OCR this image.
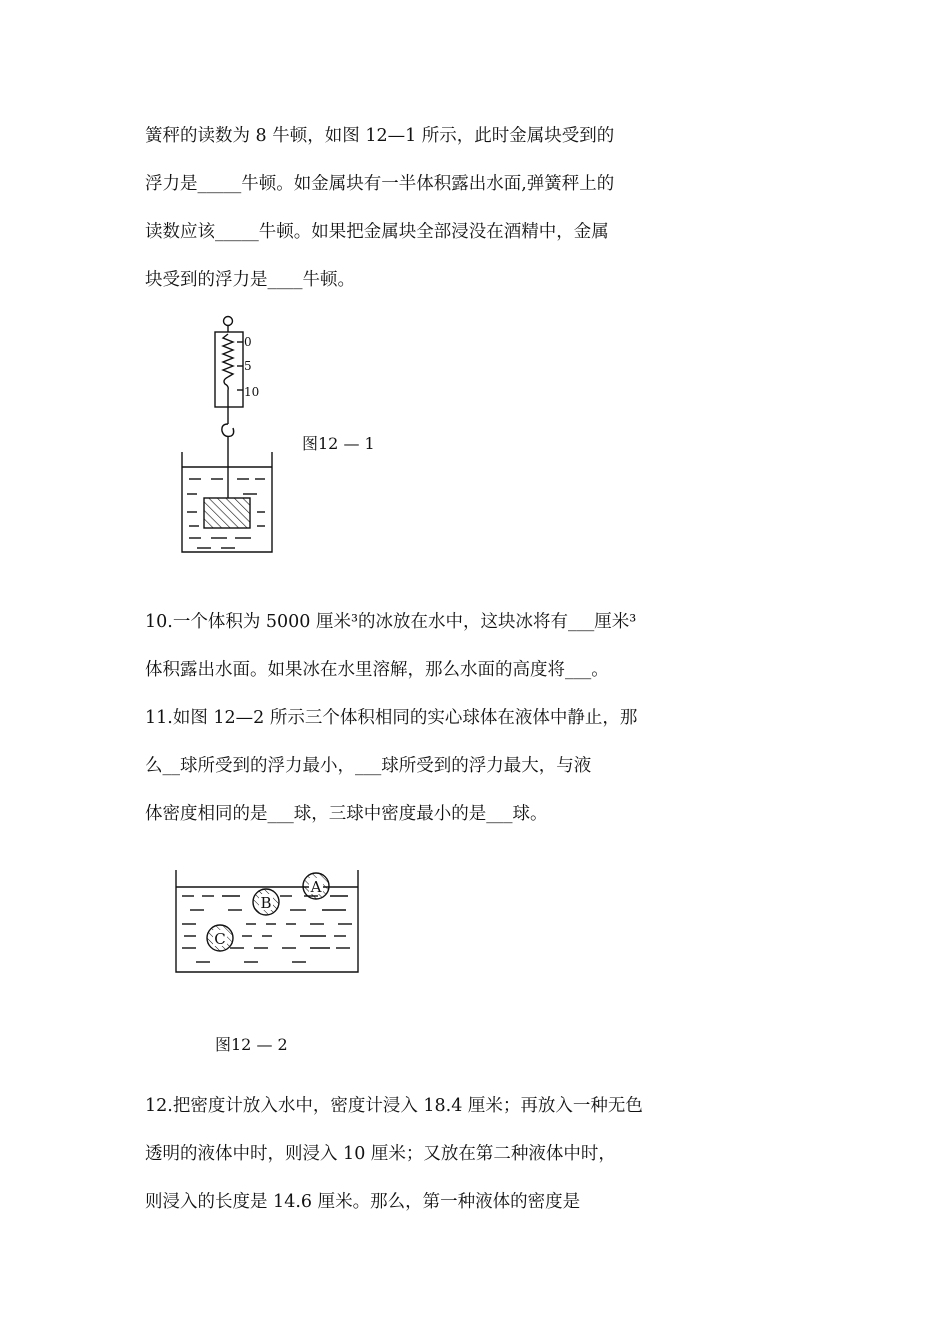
簧秤的读数为 8 牛顿，如图 12—1 所示，此时金属块受到的
浮力是_____牛顿。如金属块有一半体积露出水面,弹簧秤上的
读数应该_____牛顿。如果把金属块全部浸没在酒精中，金属
块受到的浮力是____牛顿。
0
5
10
图12 — 1
10.一个体积为 5000 厘米³的冰放在水中，这块冰将有___厘米³
体积露出水面。如果冰在水里溶解，那么水面的高度将___。
11.如图 12—2 所示三个体积相同的实心球体在液体中静止，那
么__球所受到的浮力最小，___球所受到的浮力最大，与液
体密度相同的是___球，三球中密度最小的是___球。
A
B
C
图12 — 2
12.把密度计放入水中，密度计浸入 18.4 厘米；再放入一种无色
透明的液体中时，则浸入 10 厘米；又放在第二种液体中时，
则浸入的长度是 14.6 厘米。那么，第一种液体的密度是
